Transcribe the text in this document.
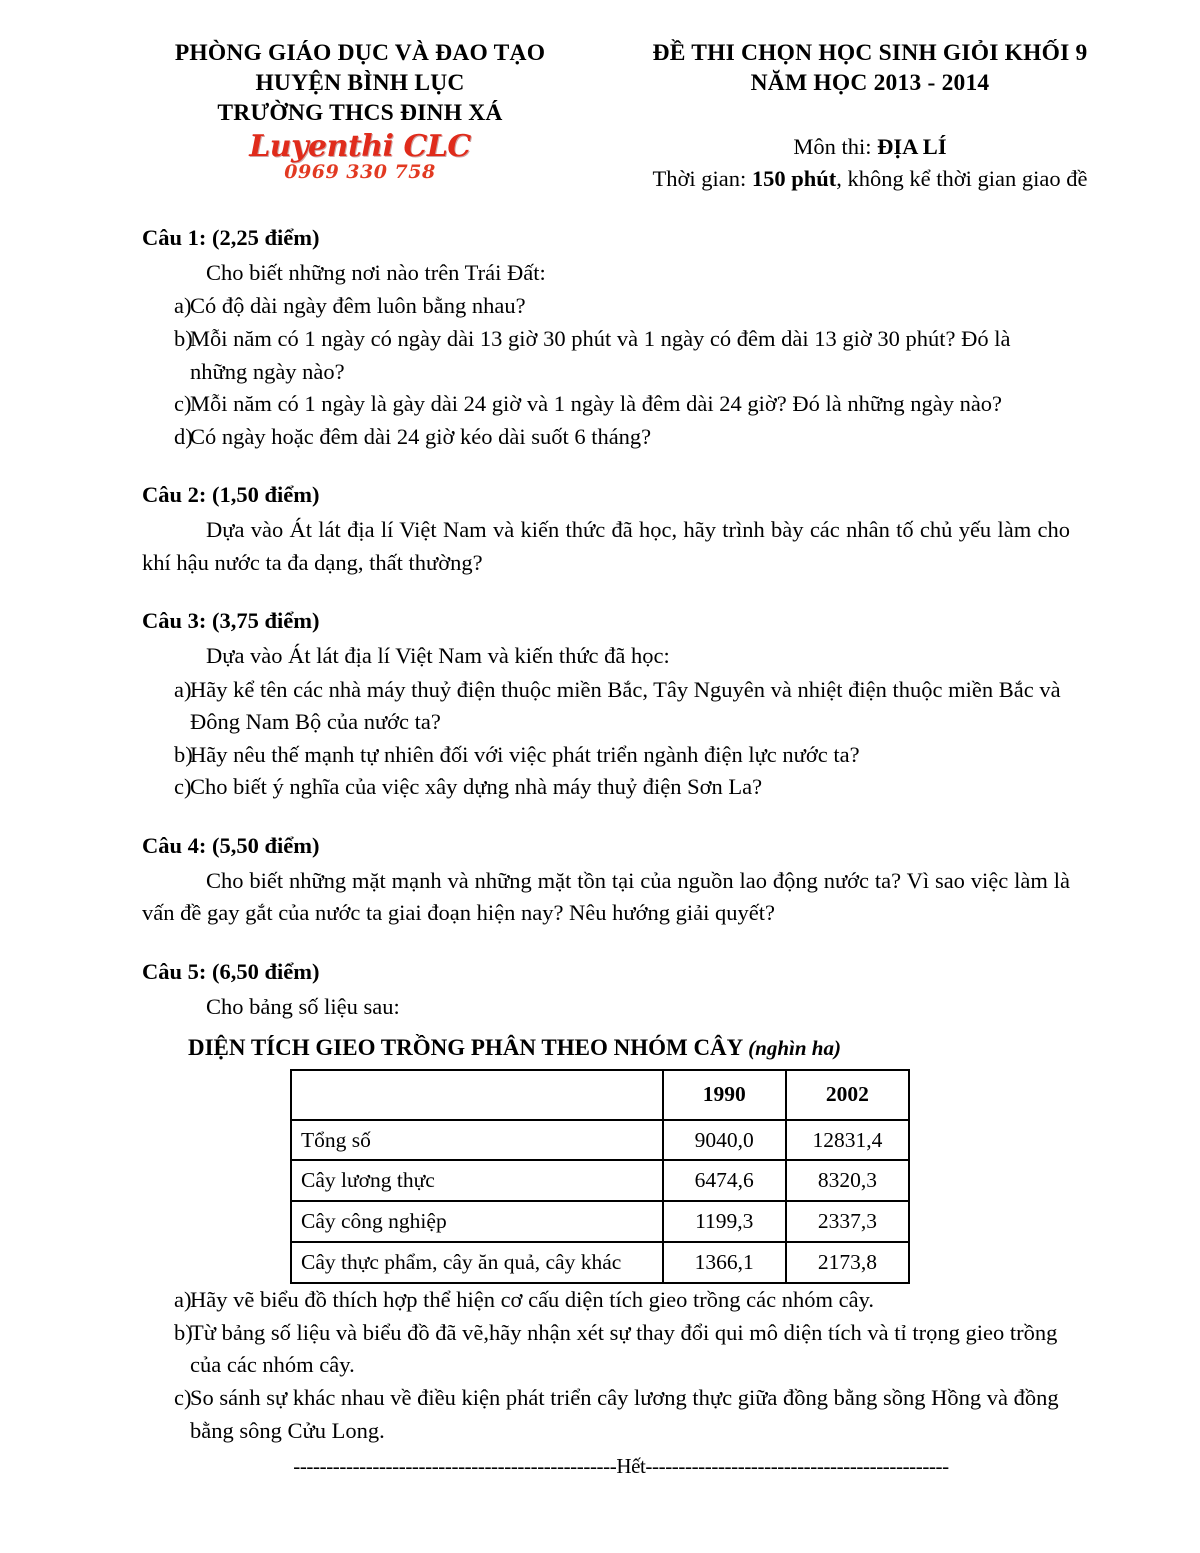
PHÒNG GIÁO DỤC VÀ ĐAO TẠO
HUYỆN BÌNH LỤC
TRƯỜNG THCS ĐINH XÁ
Luyenthi CLC
0969 330 758
ĐỀ THI CHỌN HỌC SINH GIỎI KHỐI 9
NĂM HỌC 2013 - 2014
Môn thi: ĐỊA LÍ
Thời gian: 150 phút, không kể thời gian giao đề
Câu 1: (2,25 điểm)

Cho biết những nơi nào trên Trái Đất:

a)
Có độ dài ngày đêm luôn bằng nhau?
b)
Mỗi năm có 1 ngày có ngày dài 13 giờ 30 phút và 1 ngày có đêm dài 13 giờ 30 phút? Đó là những ngày nào?
c)
Mỗi năm có 1 ngày là gày dài 24 giờ và 1 ngày là đêm dài 24 giờ? Đó là những ngày nào?
d)
Có ngày hoặc đêm dài 24 giờ kéo dài suốt 6 tháng?
Câu 2: (1,50 điểm)

Dựa vào Át lát địa lí Việt Nam và kiến thức đã học, hãy trình bày các nhân tố chủ yếu làm cho khí hậu nước ta đa dạng, thất thường?

Câu 3: (3,75 điểm)

Dựa vào Át lát địa lí Việt Nam và kiến thức đã học:

a)
Hãy kể tên các nhà máy thuỷ điện thuộc miền Bắc, Tây Nguyên và nhiệt điện thuộc miền Bắc và Đông Nam Bộ của nước ta?
b)
Hãy nêu thế mạnh tự nhiên đối với việc phát triển ngành điện lực nước ta?
c)
Cho biết ý nghĩa của việc xây dựng nhà máy thuỷ điện Sơn La?
Câu 4: (5,50 điểm)

Cho biết những mặt mạnh và những mặt tồn tại của nguồn lao động nước ta? Vì sao việc làm là vấn đề gay gắt của nước ta giai đoạn hiện nay? Nêu hướng giải quyết?

Câu 5: (6,50 điểm)

Cho bảng số liệu sau:

DIỆN TÍCH GIEO TRỒNG PHÂN THEO NHÓM CÂY (nghìn ha)
	1990	2002
Tổng số	9040,0	12831,4
Cây lương thực	6474,6	8320,3
Cây công nghiệp	1199,3	2337,3
Cây thực phẩm, cây ăn quả, cây khác	1366,1	2173,8
a)
Hãy vẽ biểu đồ thích hợp thể hiện cơ cấu diện tích gieo trồng các nhóm cây.
b)
Từ bảng số liệu và biểu đồ đã vẽ,hãy nhận xét sự thay đổi qui mô diện tích và tỉ trọng gieo trồng của các nhóm cây.
c)
So sánh sự khác nhau về điều kiện phát triển cây lương thực giữa đồng bằng sồng Hồng và đồng bằng sông Cửu Long.
-------------------------------------------------Hết----------------------------------------------
